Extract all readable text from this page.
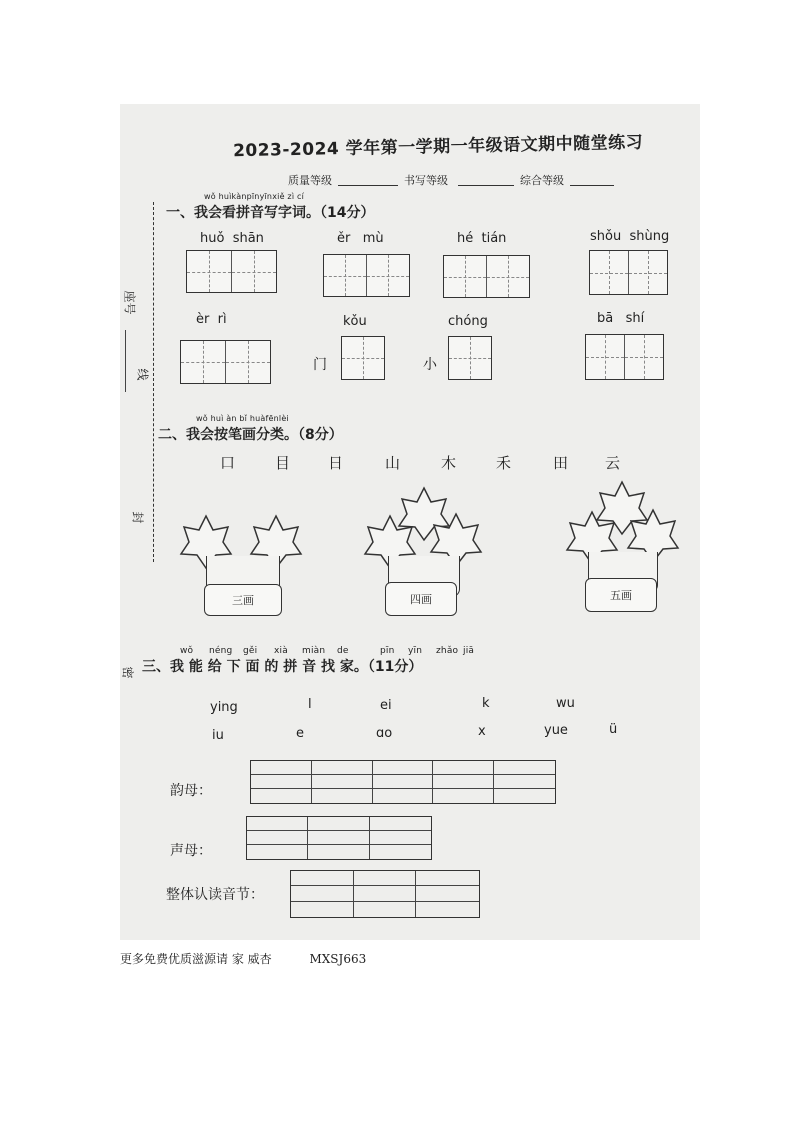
2023-2024 学年第一学期一年级语文期中随堂练习
质量等级	书写等级	综合等级
座号
线
封
密
wǒ huìkànpīnyīnxiě zì cí
一、我会看拼音写字词。（14分）
huǒ  shān	ěr   mù	hé  tián	shǒu  shùng
èr  rì	kǒu	chóng	bā   shí
门	小
wǒ huì àn bǐ huàfēnlèi
二、我会按笔画分类。（8分）
口	目	日	山	木	禾	田	云
三画	四画	五画
wǒ	néng	gěi	xià	miàn	de	pīn	yīn	zhǎo jiā
三、我 能 给 下 面 的 拼 音 找 家。（11分）
ying	l	ei	k	wu
iu	e	ɑo	x	yue	ü
韵母：
声母：
整体认读音节：
更多免费优质滋源请 家 威杏	MXSJ663
